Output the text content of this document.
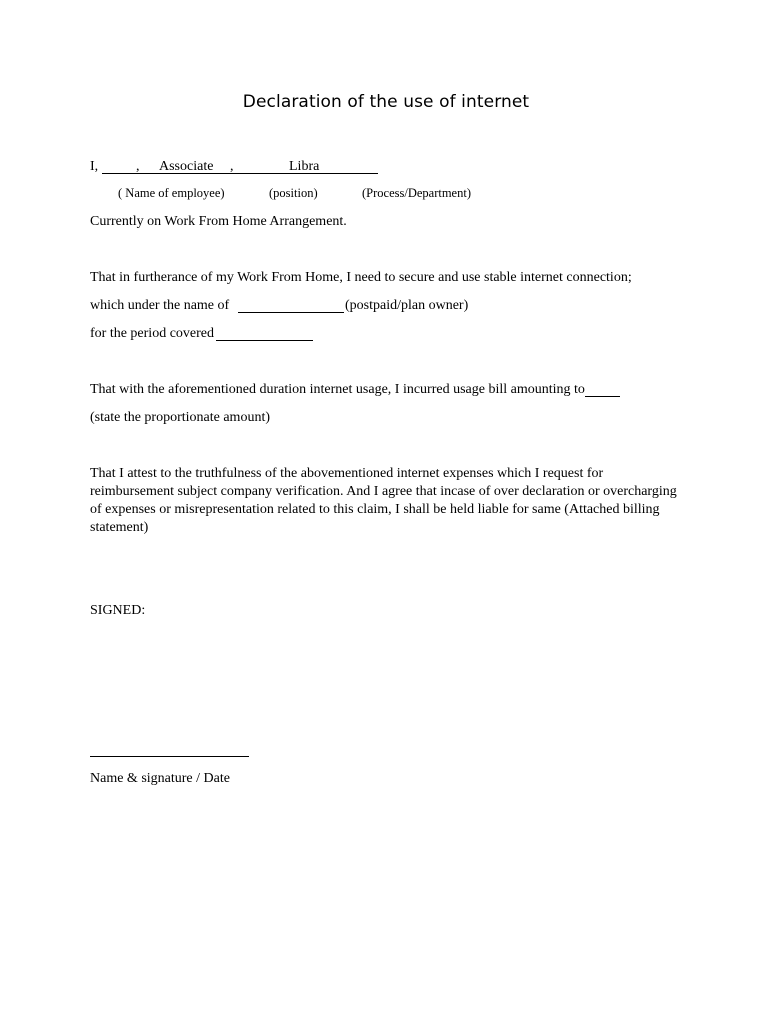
Declaration of the use of internet
I,	, Associate ,	Libra
( Name of employee)	(position)	(Process/Department)
Currently on Work From Home Arrangement.
That in furtherance of my Work From Home, I need to secure and use stable internet connection;
which under the name of	(postpaid/plan owner)
for the period covered
That with the aforementioned duration internet usage, I incurred usage bill amounting to
(state the proportionate amount)
That I attest to the truthfulness of the abovementioned internet expenses which I request for reimbursement subject company verification. And I agree that incase of over declaration or overcharging of expenses or misrepresentation related to this claim, I shall be held liable for same (Attached billing statement)
SIGNED:
Name & signature / Date
